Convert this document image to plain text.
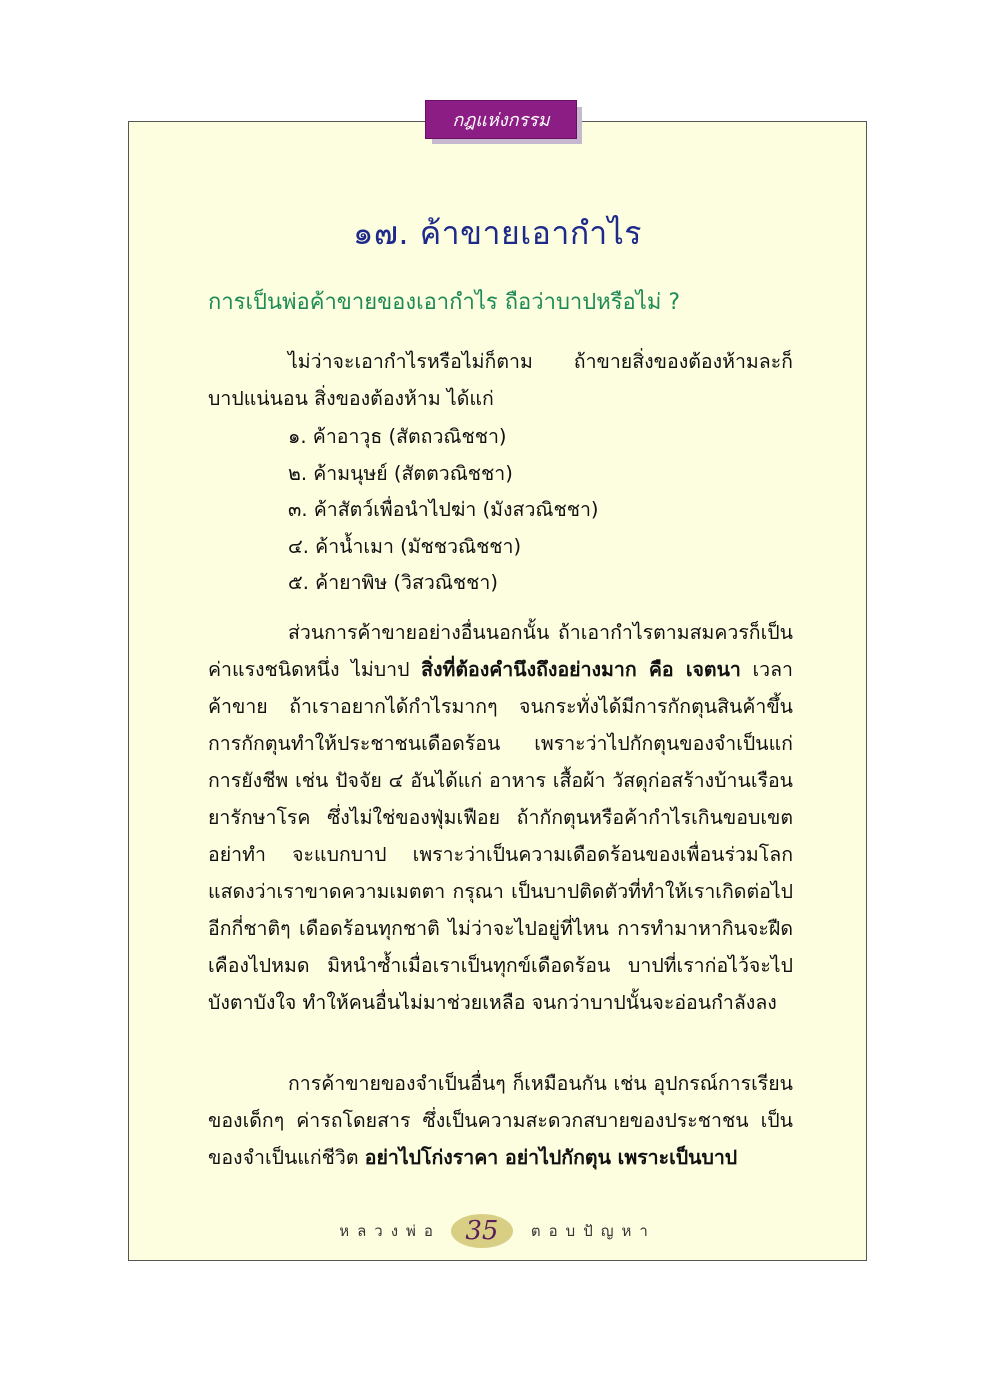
กฎแห่งกรรม
๑๗. ค้าขายเอากำไร
การเป็นพ่อค้าขายของเอากำไร ถือว่าบาปหรือไม่ ?
ไม่ว่าจะเอากำไรหรือไม่ก็ตาม ถ้าขายสิ่งของต้องห้ามละก็บาปแน่นอน สิ่งของต้องห้าม ได้แก่
๑. ค้าอาวุธ (สัตถวณิชชา)
๒. ค้ามนุษย์ (สัตตวณิชชา)
๓. ค้าสัตว์เพื่อนำไปฆ่า (มังสวณิชชา)
๔. ค้าน้ำเมา (มัชชวณิชชา)
๕. ค้ายาพิษ (วิสวณิชชา)
ส่วนการค้าขายอย่างอื่นนอกนั้น ถ้าเอากำไรตามสมควรก็เป็นค่าแรงชนิดหนึ่ง ไม่บาป สิ่งที่ต้องคำนึงถึงอย่างมาก คือ เจตนา เวลาค้าขาย ถ้าเราอยากได้กำไรมากๆ จนกระทั่งได้มีการกักตุนสินค้าขึ้น การกักตุนทำให้ประชาชนเดือดร้อน เพราะว่าไปกักตุนของจำเป็นแก่การยังชีพ เช่น ปัจจัย ๔ อันได้แก่ อาหาร เสื้อผ้า วัสดุก่อสร้างบ้านเรือน ยารักษาโรค ซึ่งไม่ใช่ของฟุ่มเฟือย ถ้ากักตุนหรือค้ากำไรเกินขอบเขต อย่าทำ จะแบกบาป เพราะว่าเป็นความเดือดร้อนของเพื่อนร่วมโลก แสดงว่าเราขาดความเมตตา กรุณา เป็นบาปติดตัวที่ทำให้เราเกิดต่อไปอีกกี่ชาติๆ เดือดร้อนทุกชาติ ไม่ว่าจะไปอยู่ที่ไหน การทำมาหากินจะฝืดเคืองไปหมด มิหนำซ้ำเมื่อเราเป็นทุกข์เดือดร้อน บาปที่เราก่อไว้จะไปบังตาบังใจ ทำให้คนอื่นไม่มาช่วยเหลือ จนกว่าบาปนั้นจะอ่อนกำลังลง
การค้าขายของจำเป็นอื่นๆ ก็เหมือนกัน เช่น อุปกรณ์การเรียนของเด็กๆ ค่ารถโดยสาร ซึ่งเป็นความสะดวกสบายของประชาชน เป็นของจำเป็นแก่ชีวิต อย่าไปโก่งราคา อย่าไปกักตุน เพราะเป็นบาป
หลวงพ่อ 35	ตอบปัญหา
